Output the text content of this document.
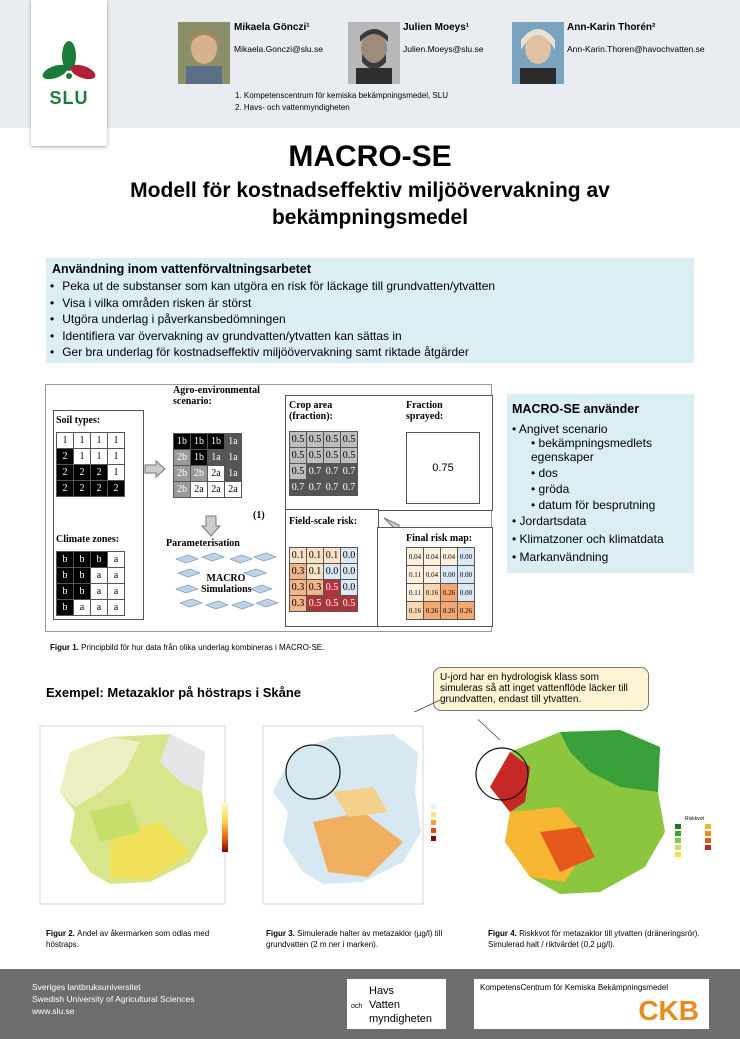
SLU
Mikaela Gönczi¹
Mikaela.Gonczi@slu.se
Julien Moeys¹
Julien.Moeys@slu.se
Ann-Karin Thorén²
Ann-Karin.Thoren@havochvatten.se
1. Kompetenscentrum för kemiska bekämpningsmedel, SLU
2. Havs- och vattenmyndigheten
MACRO-SE
Modell för kostnadseffektiv miljöövervakning av bekämpningsmedel
Användning inom vattenförvaltningsarbetet
• Peka ut de substanser som kan utgöra en risk för läckage till grundvatten/ytvatten
• Visa i vilka områden risken är störst
• Utgöra underlag i påverkansbedömningen
• Identifiera var övervakning av grundvatten/ytvatten kan sättas in
• Ger bra underlag för kostnadseffektiv miljöövervakning samt riktade åtgärder
Soil types:
1	1	1	1
2	1	1	1
2	2	2	1
2	2	2	2
Climate zones:
b	b	b	a
b	b	a	a
b	b	a	a
b	a	a	a
Agro-environmental scenario:
1b	1b	1b	1a
2b	1b	1a	1a
2b	2b	2a	1a
2b	2a	2a	2a
(1)
Parameterisation
MACRO Simulations
Crop area (fraction):
0.5	0.5	0.5	0.5
0.5	0.5	0.5	0.5
0.5	0.7	0.7	0.7
0.7	0.7	0.7	0.7
Fraction sprayed:
0.75
Field-scale risk:
0.1	0.1	0.1	0.0
0.3	0.1	0.0	0.0
0.3	0.3	0.5	0.0
0.3	0.5	0.5	0.5
Final risk map:
0.04	0.04	0.04	0.00
0.11	0.04	0.00	0.00
0.11	0.16	0.26	0.00
0.16	0.26	0.26	0.26
Figur 1. Principbild för hur data från olika underlag kombineras i MACRO-SE.
MACRO-SE använder
• Angivet scenario
• bekämpningsmedlets egenskaper
• dos
• gröda
• datum för besprutning
• Jordartsdata
• Klimatzoner och klimatdata
• Markanvändning
Exempel: Metazaklor på höstraps i Skåne
U-jord har en hydrologisk klass som simuleras så att inget vattenflöde läcker till grundvatten, endast till ytvatten.
Figur 2. Andel av åkermarken som odlas med höstraps.
Figur 3. Simulerade halter av metazaklor (µg/l) till grundvatten (2 m ner i marken).
Riskkvot
Figur 4. Riskkvot för metazaklor till ytvatten (dräneringsrör). Simulerad halt / riktvärdet (0,2 µg/l).
Sveriges lantbruksuniversitet
Swedish University of Agricultural Sciences
www.slu.se
Havs
och Vatten
myndigheten
KompetensCentrum för Kemiska Bekämpningsmedel
CKB
